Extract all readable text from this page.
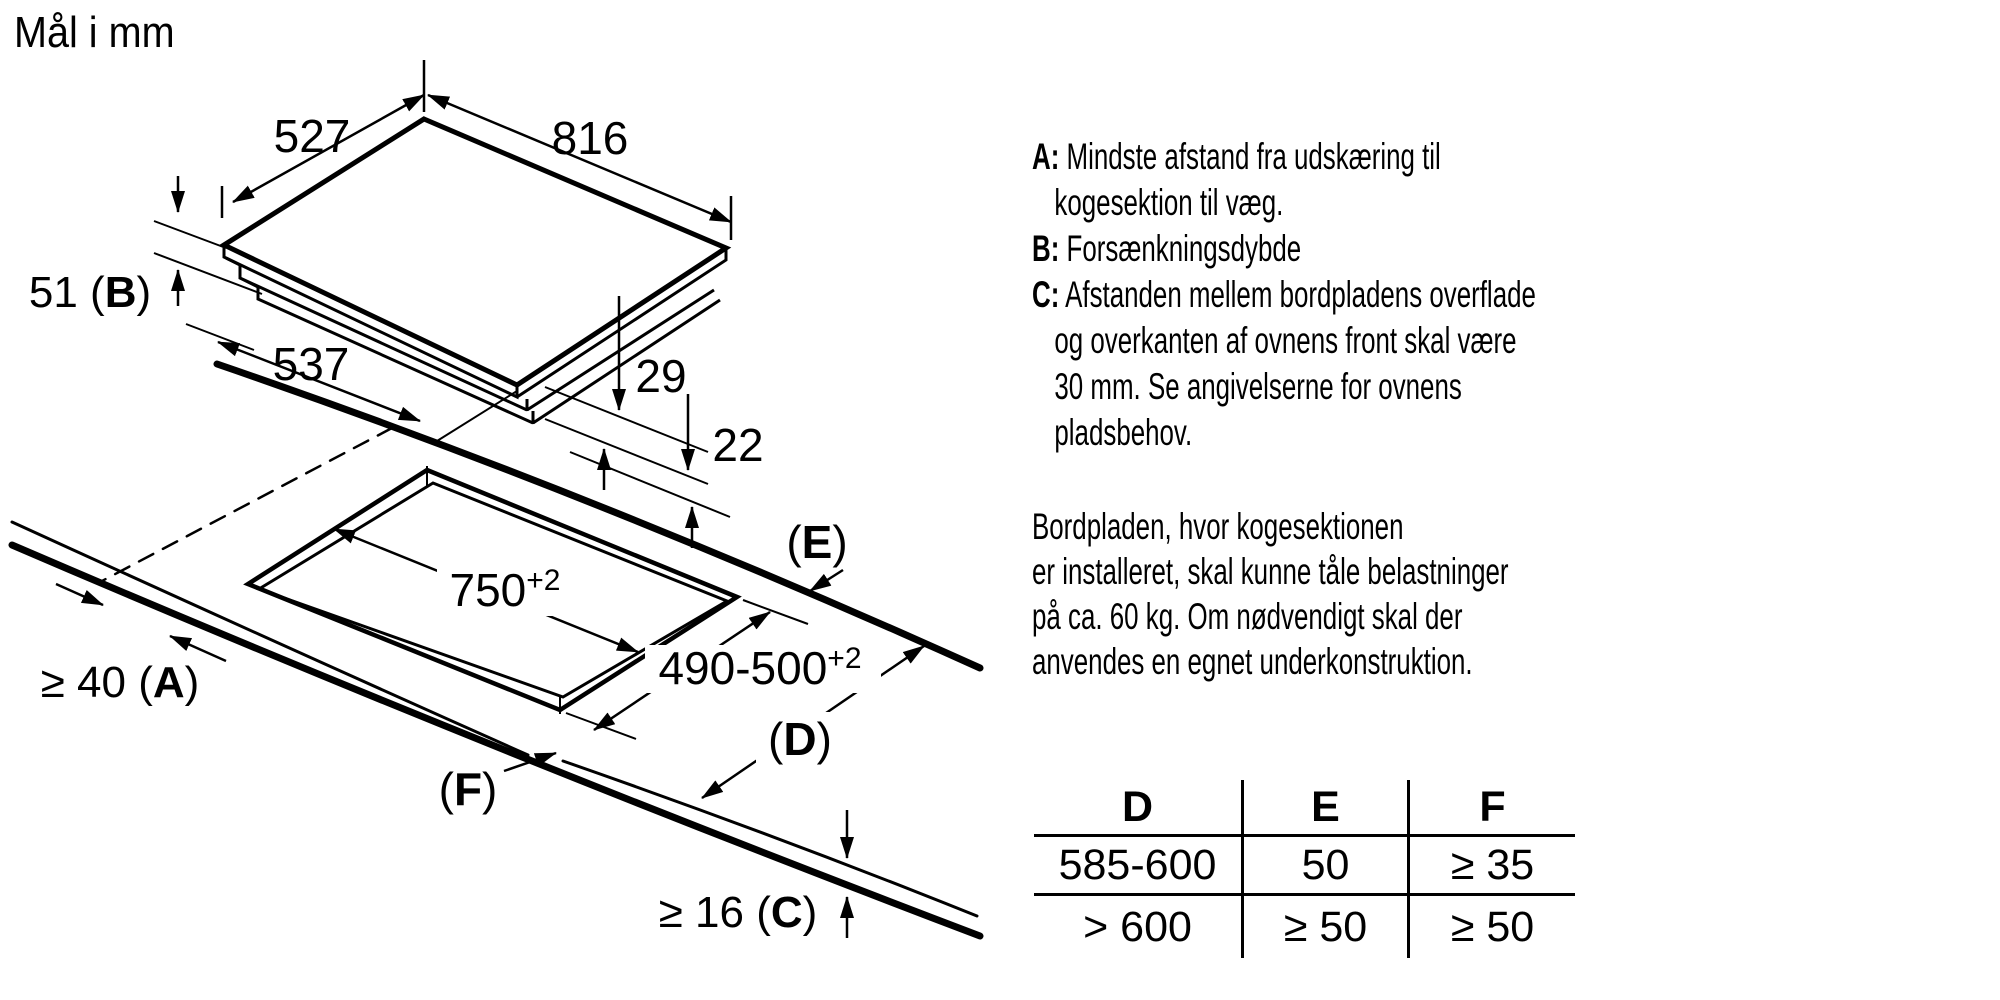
527	816
537	29
22
51 (B)
$750^{+2}$
$490-500^{+2}$
≥ 40 (A)
≥ 16 (C)
(E)
(D)
(F)
Mål i mm
A: Mindste afstand fra udskæring til
kogesektion til væg.
B: Forsænkningsdybde
C: Afstanden mellem bordpladens overflade
og overkanten af ovnens front skal være
30 mm. Se angivelserne for ovnens
pladsbehov.
Bordpladen, hvor kogesektionen
er installeret, skal kunne tåle belastninger
på ca. 60 kg. Om nødvendigt skal der
anvendes en egnet underkonstruktion.
D	E	F
585-600	50	≥ 35
> 600	≥ 50	≥ 50
